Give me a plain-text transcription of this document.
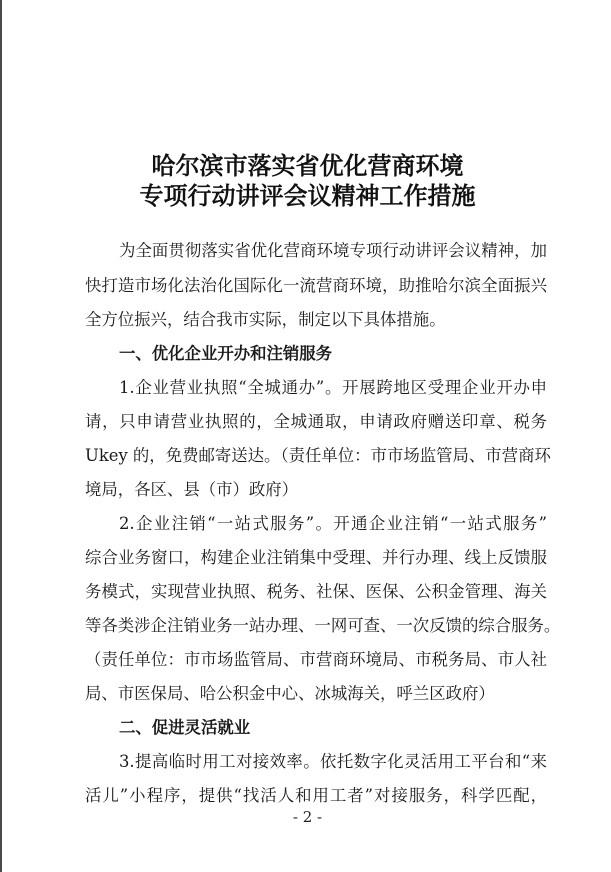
哈尔滨市落实省优化营商环境
专项行动讲评会议精神工作措施
为全面贯彻落实省优化营商环境专项行动讲评会议精神，加
快打造市场化法治化国际化一流营商环境，助推哈尔滨全面振兴
全方位振兴，结合我市实际，制定以下具体措施。
一、优化企业开办和注销服务
1.企业营业执照“全城通办”。开展跨地区受理企业开办申
请，只申请营业执照的，全城通取，申请政府赠送印章、税务
Ukey 的，免费邮寄送达。（责任单位：市市场监管局、市营商环
境局，各区、县（市）政府）
2.企业注销“一站式服务”。开通企业注销“一站式服务”
综合业务窗口，构建企业注销集中受理、并行办理、线上反馈服
务模式，实现营业执照、税务、社保、医保、公积金管理、海关
等各类涉企注销业务一站办理、一网可查、一次反馈的综合服务。
（责任单位：市市场监管局、市营商环境局、市税务局、市人社
局、市医保局、哈公积金中心、冰城海关，呼兰区政府）
二、促进灵活就业
3.提高临时用工对接效率。依托数字化灵活用工平台和“来
活儿”小程序，提供“找活人和用工者”对接服务，科学匹配，
- 2 -
